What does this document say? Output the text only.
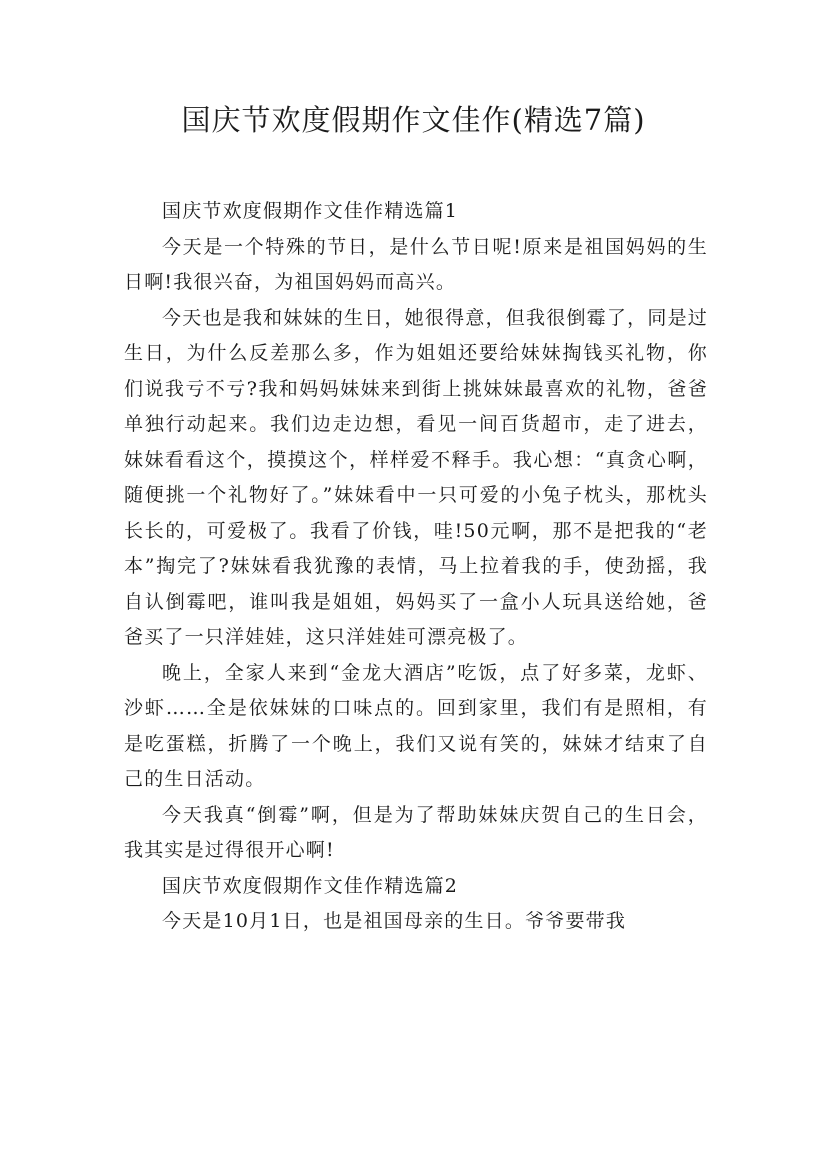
国庆节欢度假期作文佳作(精选7篇)

国庆节欢度假期作文佳作精选篇1

今天是一个特殊的节日，是什么节日呢!原来是祖国妈妈的生日啊!我很兴奋，为祖国妈妈而高兴。

今天也是我和妹妹的生日，她很得意，但我很倒霉了，同是过生日，为什么反差那么多，作为姐姐还要给妹妹掏钱买礼物，你们说我亏不亏?我和妈妈妹妹来到街上挑妹妹最喜欢的礼物，爸爸单独行动起来。我们边走边想，看见一间百货超市，走了进去，妹妹看看这个，摸摸这个，样样爱不释手。我心想：“真贪心啊，随便挑一个礼物好了。”妹妹看中一只可爱的小兔子枕头，那枕头长长的，可爱极了。我看了价钱，哇!50元啊，那不是把我的“老本”掏完了?妹妹看我犹豫的表情，马上拉着我的手，使劲摇，我自认倒霉吧，谁叫我是姐姐，妈妈买了一盒小人玩具送给她，爸爸买了一只洋娃娃，这只洋娃娃可漂亮极了。

晚上，全家人来到“金龙大酒店”吃饭，点了好多菜，龙虾、沙虾……全是依妹妹的口味点的。回到家里，我们有是照相，有是吃蛋糕，折腾了一个晚上，我们又说有笑的，妹妹才结束了自己的生日活动。

今天我真“倒霉”啊，但是为了帮助妹妹庆贺自己的生日会，我其实是过得很开心啊!

国庆节欢度假期作文佳作精选篇2

今天是10月1日，也是祖国母亲的生日。爷爷要带我
